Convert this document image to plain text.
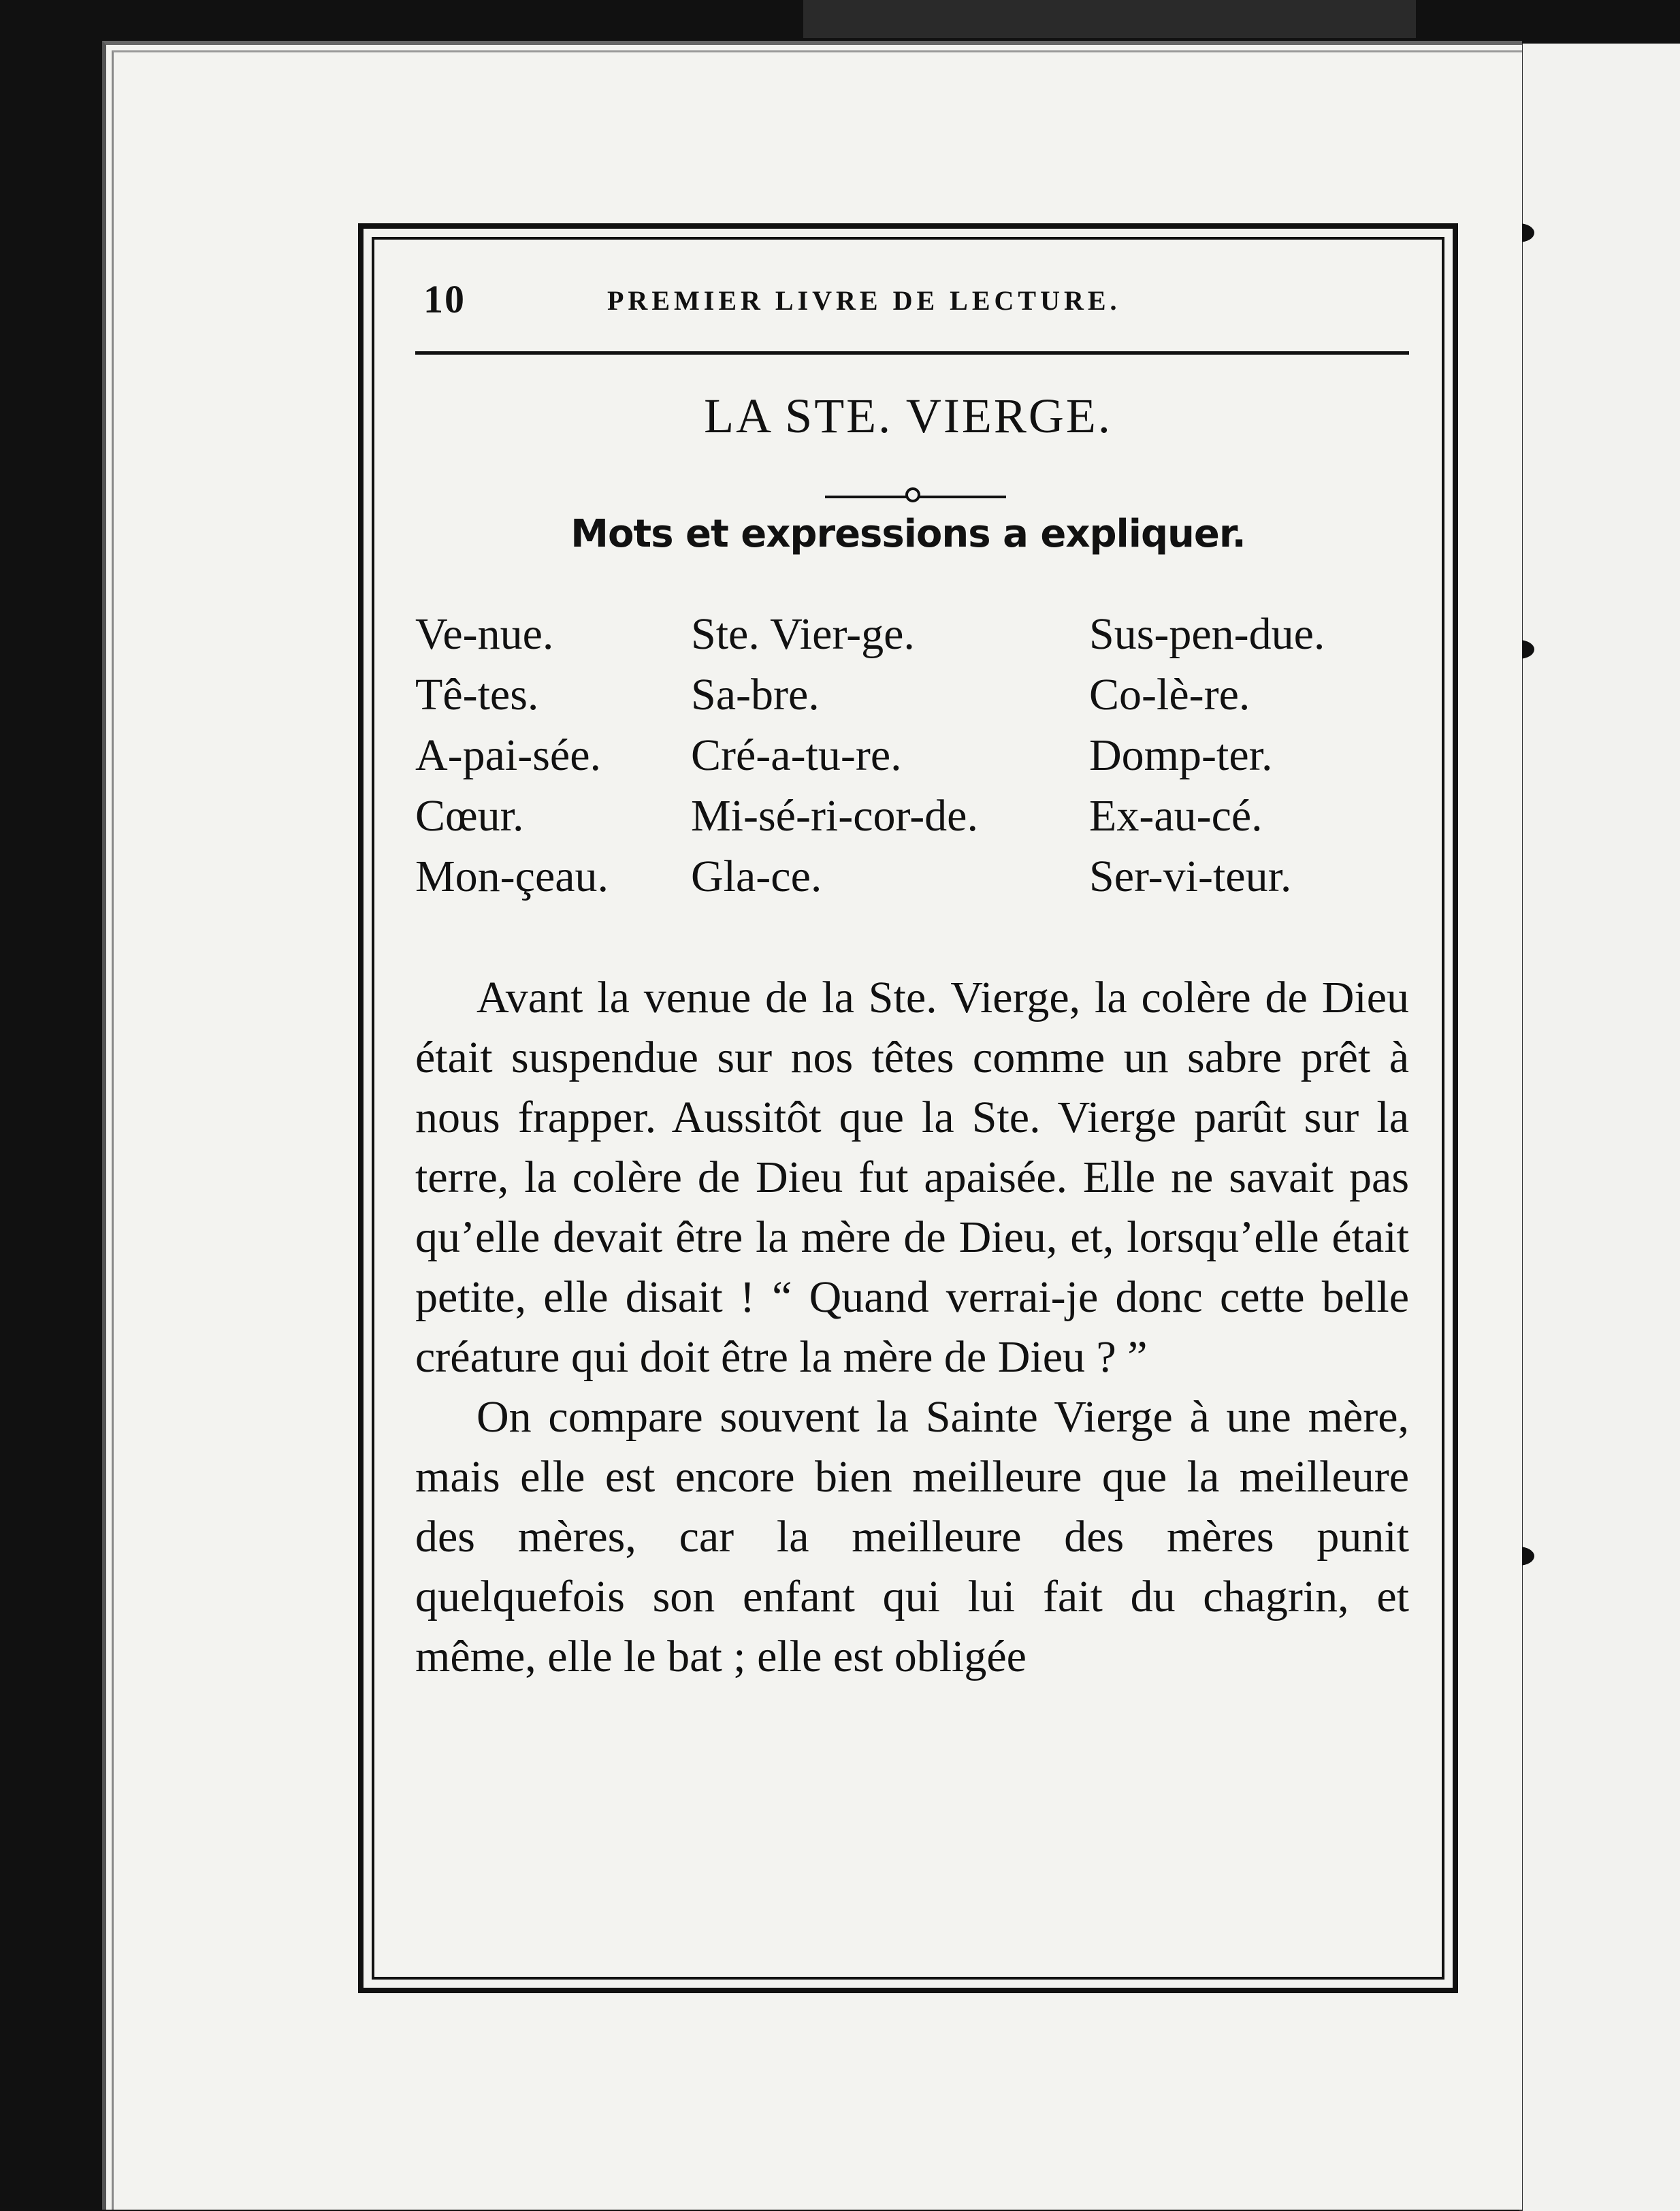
10	PREMIER LIVRE DE LECTURE.
LA STE. VIERGE.
Mots et expressions a expliquer.
Ve-nue.
Tê-tes.
A-pai-sée.
Cœur.
Mon-çeau.
Ste. Vier-ge.
Sa-bre.
Cré-a-tu-re.
Mi-sé-ri-cor-de.
Gla-ce.
Sus-pen-due.
Co-lè-re.
Domp-ter.
Ex-au-cé.
Ser-vi-teur.

Avant la venue de la Ste. Vierge, la colère de Dieu était suspendue sur nos têtes comme un sabre prêt à nous frapper. Aussitôt que la Ste. Vierge parût sur la terre, la colère de Dieu fut apaisée. Elle ne savait pas qu’elle devait être la mère de Dieu, et, lorsqu’elle était petite, elle disait ! “ Quand verrai-je donc cette belle créature qui doit être la mère de Dieu ? ”

On compare souvent la Sainte Vierge à une mère, mais elle est encore bien meilleure que la meilleure des mères, car la meilleure des mères punit quelquefois son enfant qui lui fait du chagrin, et même, elle le bat ; elle est obligée
